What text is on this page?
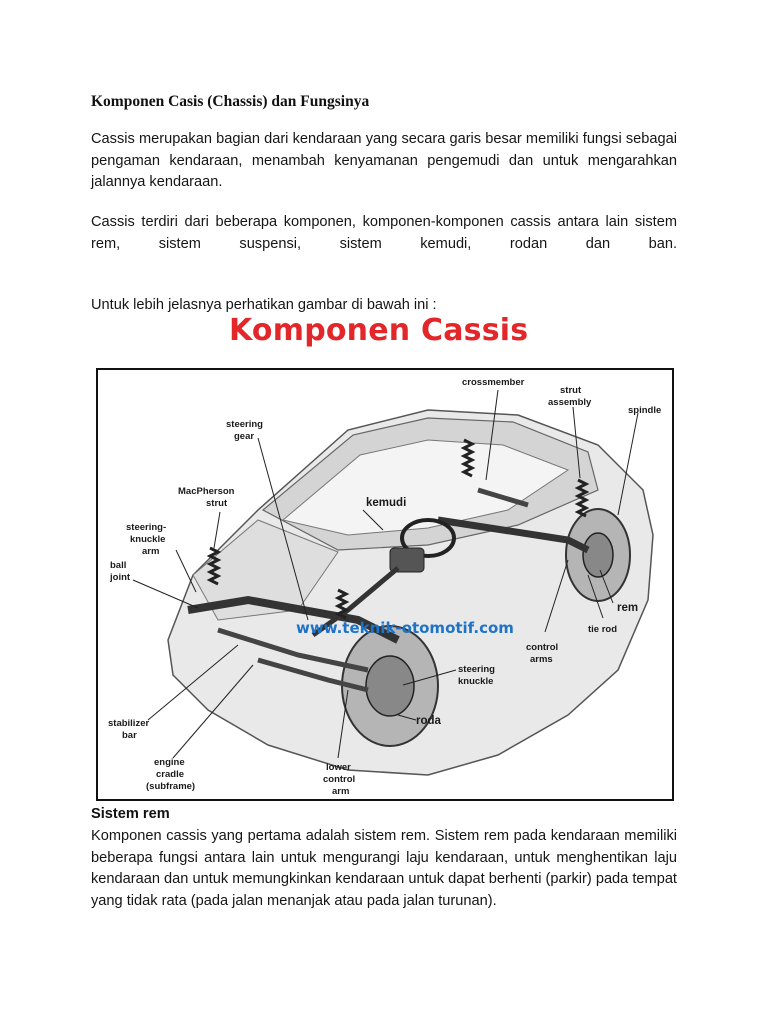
Komponen Casis (Chassis) dan Fungsinya
Cassis merupakan bagian dari kendaraan yang secara garis besar memiliki fungsi sebagai pengaman kendaraan, menambah kenyamanan pengemudi dan untuk mengarahkan jalannya kendaraan.
Cassis terdiri dari beberapa komponen, komponen-komponen cassis antara lain sistem rem, sistem suspensi, sistem kemudi, rodan dan ban.
Untuk lebih jelasnya perhatikan gambar di bawah ini :
Komponen Cassis
crossmember
strut
assembly
spindle
steering
gear
MacPherson
strut	kemudi
steering-
knuckle
arm
ball
joint
rem
tie rod
control
arms
steering
knuckle
roda
stabilizer
bar
engine
cradle
(subframe)
lower
control
arm
www.teknik-otomotif.com
Sistem rem
Komponen cassis yang pertama adalah sistem rem. Sistem rem pada kendaraan memiliki beberapa fungsi antara lain untuk mengurangi laju kendaraan, untuk menghentikan laju kendaraan dan untuk memungkinkan kendaraan untuk dapat berhenti (parkir) pada tempat yang tidak rata (pada jalan menanjak atau pada jalan turunan).
